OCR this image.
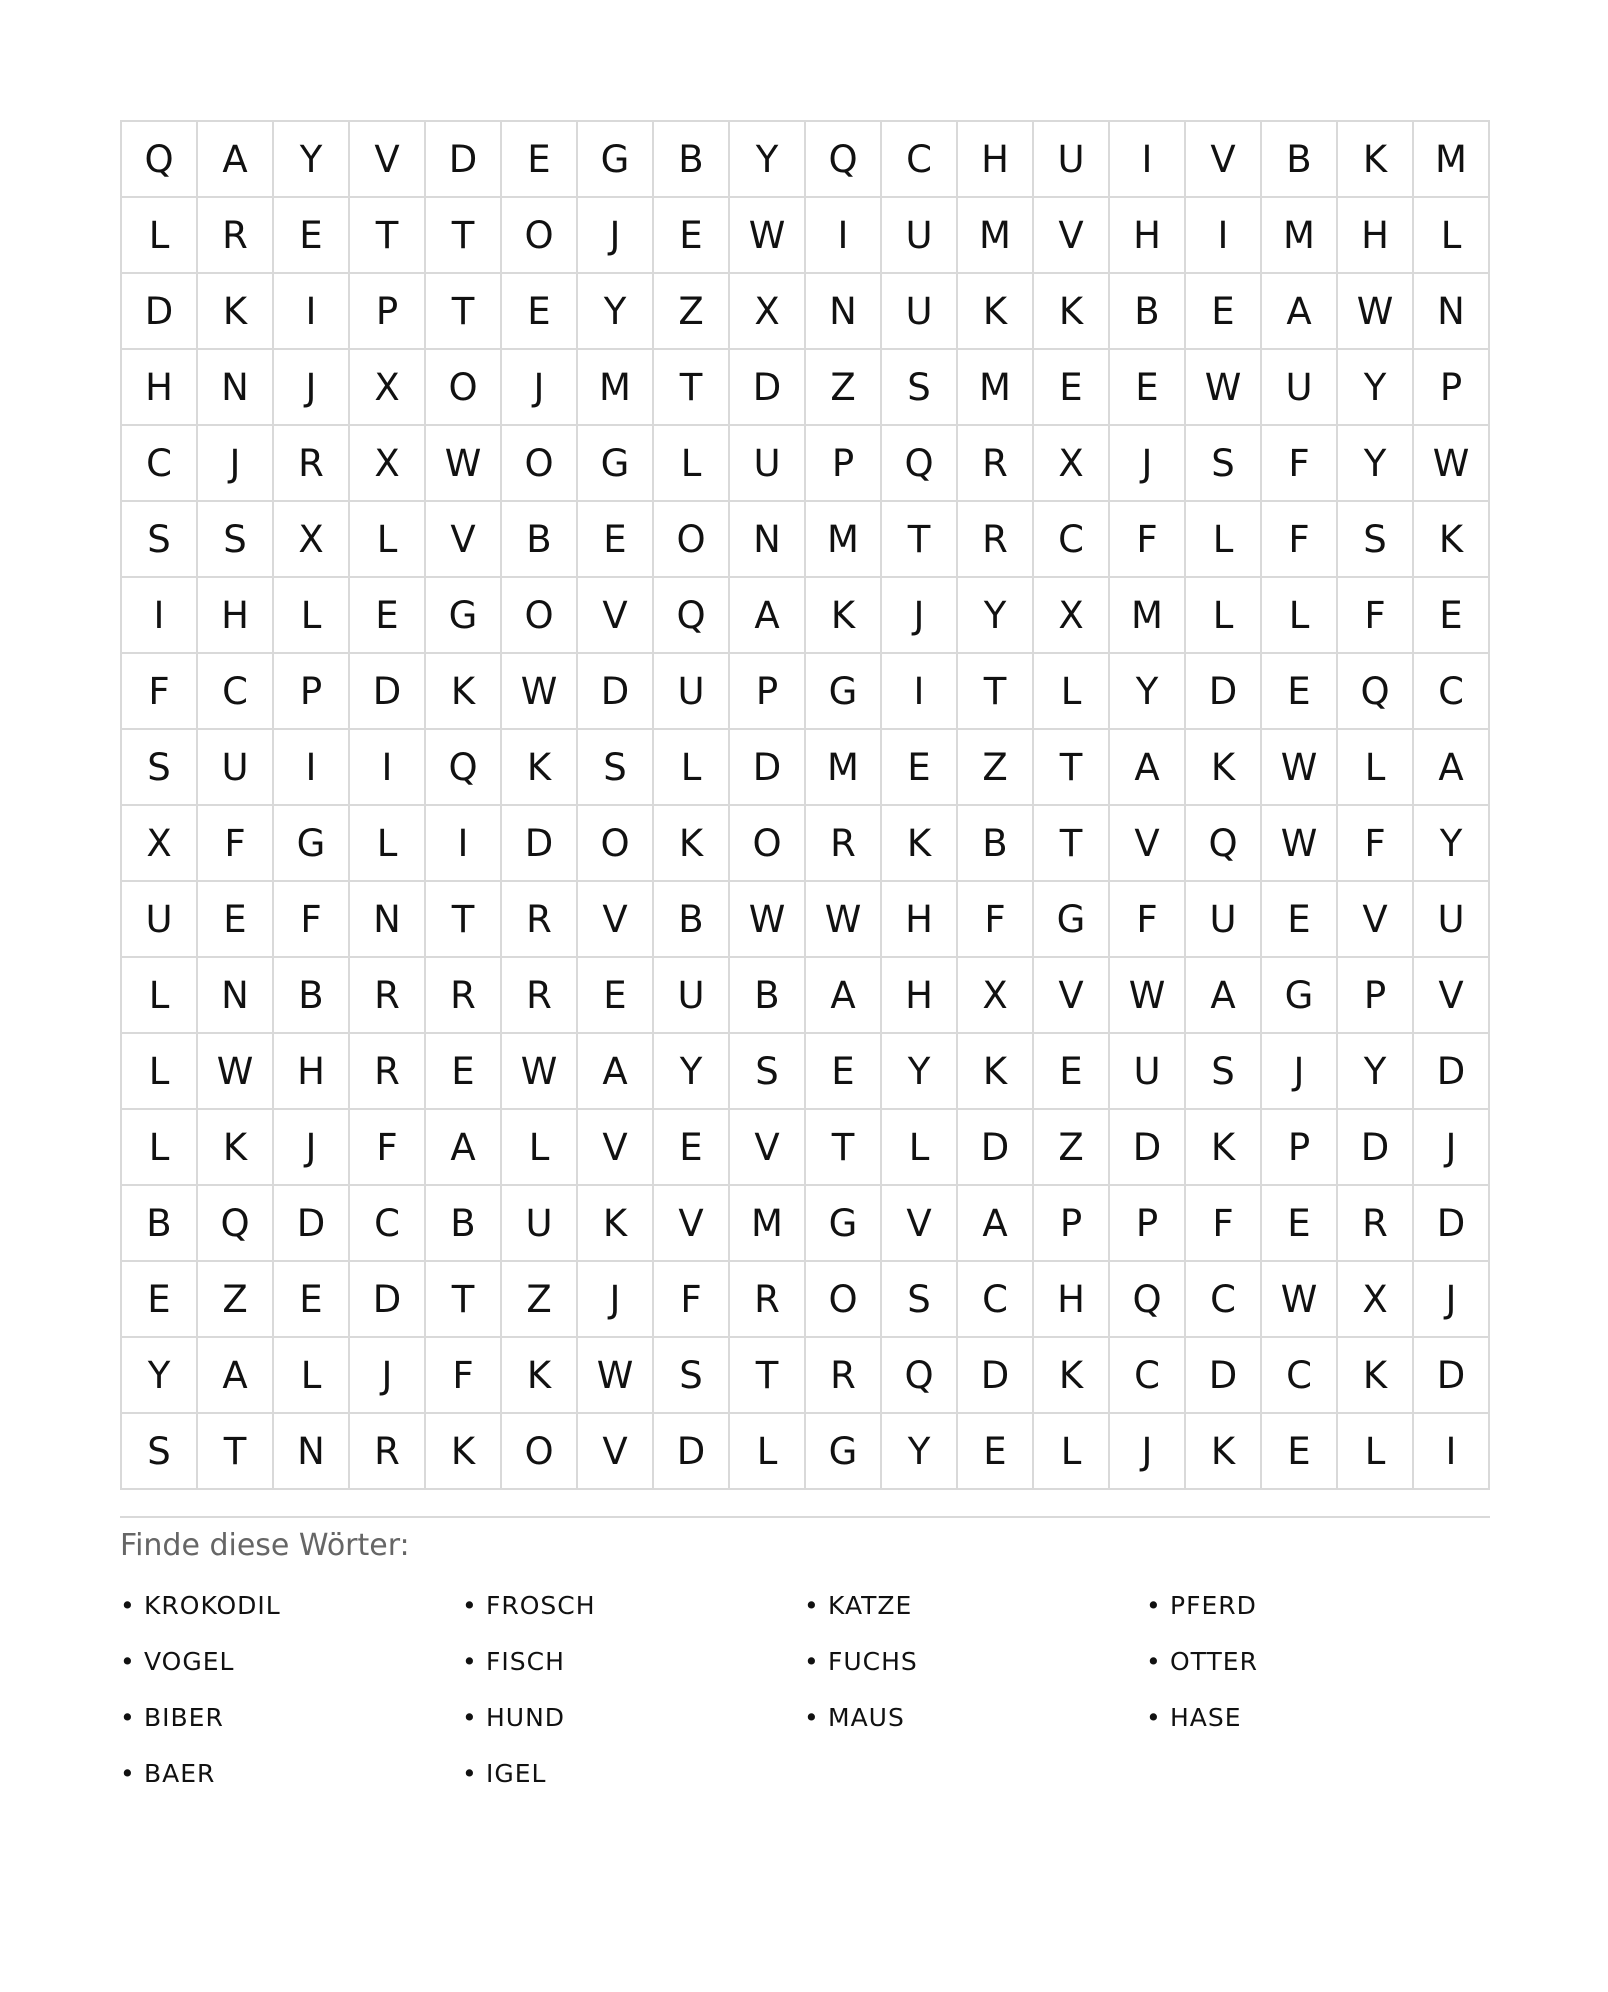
Q	A	Y	V	D	E	G	B	Y	Q	C	H	U	I	V	B	K	M
L	R	E	T	T	O	J	E	W	I	U	M	V	H	I	M	H	L
D	K	I	P	T	E	Y	Z	X	N	U	K	K	B	E	A	W	N
H	N	J	X	O	J	M	T	D	Z	S	M	E	E	W	U	Y	P
C	J	R	X	W	O	G	L	U	P	Q	R	X	J	S	F	Y	W
S	S	X	L	V	B	E	O	N	M	T	R	C	F	L	F	S	K
I	H	L	E	G	O	V	Q	A	K	J	Y	X	M	L	L	F	E
F	C	P	D	K	W	D	U	P	G	I	T	L	Y	D	E	Q	C
S	U	I	I	Q	K	S	L	D	M	E	Z	T	A	K	W	L	A
X	F	G	L	I	D	O	K	O	R	K	B	T	V	Q	W	F	Y
U	E	F	N	T	R	V	B	W	W	H	F	G	F	U	E	V	U
L	N	B	R	R	R	E	U	B	A	H	X	V	W	A	G	P	V
L	W	H	R	E	W	A	Y	S	E	Y	K	E	U	S	J	Y	D
L	K	J	F	A	L	V	E	V	T	L	D	Z	D	K	P	D	J
B	Q	D	C	B	U	K	V	M	G	V	A	P	P	F	E	R	D
E	Z	E	D	T	Z	J	F	R	O	S	C	H	Q	C	W	X	J
Y	A	L	J	F	K	W	S	T	R	Q	D	K	C	D	C	K	D
S	T	N	R	K	O	V	D	L	G	Y	E	L	J	K	E	L	I
Finde diese Wörter:
• KROKODIL	• FROSCH	• KATZE	• PFERD
• VOGEL	• FISCH	• FUCHS	• OTTER
• BIBER	• HUND	• MAUS	• HASE
• BAER	• IGEL
